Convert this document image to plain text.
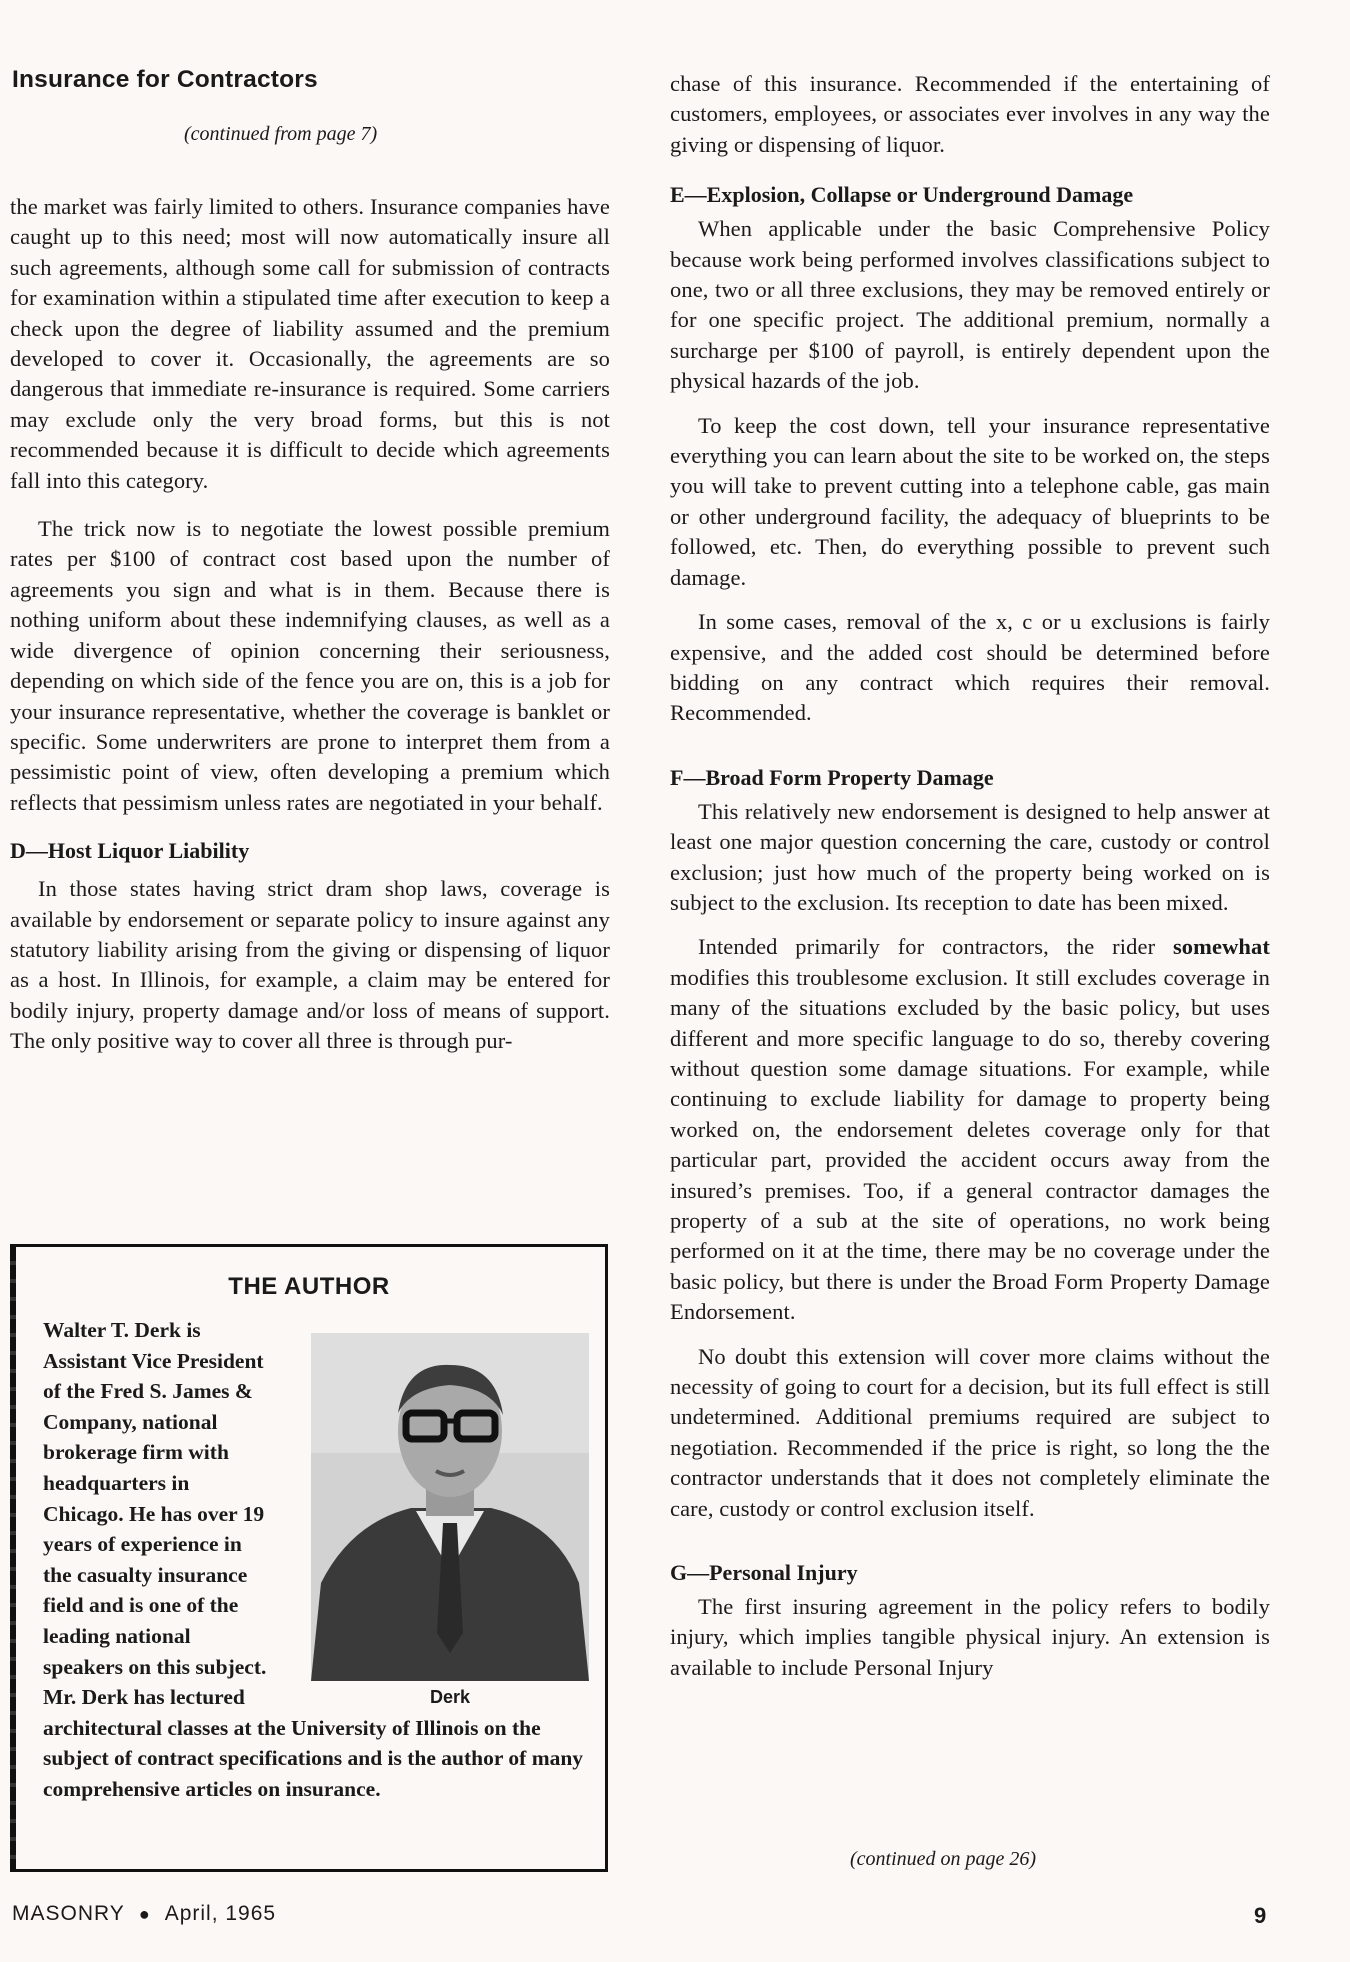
Insurance for Contractors
(continued from page 7)

the market was fairly limited to others. Insurance companies have caught up to this need; most will now automatically insure all such agreements, although some call for submission of contracts for examination within a stipulated time after execution to keep a check upon the degree of liability assumed and the premium developed to cover it. Occasionally, the agreements are so dangerous that immediate re-insurance is required. Some carriers may exclude only the very broad forms, but this is not recommended because it is difficult to decide which agreements fall into this category.

The trick now is to negotiate the lowest possible premium rates per $100 of contract cost based upon the number of agreements you sign and what is in them. Because there is nothing uniform about these indemnifying clauses, as well as a wide divergence of opinion concerning their seriousness, depending on which side of the fence you are on, this is a job for your insurance representative, whether the coverage is banklet or specific. Some underwriters are prone to interpret them from a pessimistic point of view, often developing a premium which reflects that pessimism unless rates are negotiated in your behalf.

D—Host Liquor Liability

In those states having strict dram shop laws, coverage is available by endorsement or separate policy to insure against any statutory liability arising from the giving or dispensing of liquor as a host. In Illinois, for example, a claim may be entered for bodily injury, property damage and/or loss of means of support. The only positive way to cover all three is through pur-

THE AUTHOR
Walter T. Derk is Assistant Vice President of the Fred S. James & Company, national brokerage firm with headquarters in Chicago. He has over 19 years of experience in the casualty insurance field and is one of the leading national speakers on this subject. Mr. Derk has lectured architectural classes at the University of Illinois on the subject of contract specifications and is the author of many comprehensive articles on insurance.
Derk

chase of this insurance. Recommended if the entertaining of customers, employees, or associates ever involves in any way the giving or dispensing of liquor.

E—Explosion, Collapse or Underground Damage

When applicable under the basic Comprehensive Policy because work being performed involves classifications subject to one, two or all three exclusions, they may be removed entirely or for one specific project. The additional premium, normally a surcharge per $100 of payroll, is entirely dependent upon the physical hazards of the job.

To keep the cost down, tell your insurance representative everything you can learn about the site to be worked on, the steps you will take to prevent cutting into a telephone cable, gas main or other underground facility, the adequacy of blueprints to be followed, etc. Then, do everything possible to prevent such damage.

In some cases, removal of the x, c or u exclusions is fairly expensive, and the added cost should be determined before bidding on any contract which requires their removal. Recommended.

F—Broad Form Property Damage

This relatively new endorsement is designed to help answer at least one major question concerning the care, custody or control exclusion; just how much of the property being worked on is subject to the exclusion. Its reception to date has been mixed.

Intended primarily for contractors, the rider somewhat modifies this troublesome exclusion. It still excludes coverage in many of the situations excluded by the basic policy, but uses different and more specific language to do so, thereby covering without question some damage situations. For example, while continuing to exclude liability for damage to property being worked on, the endorsement deletes coverage only for that particular part, provided the accident occurs away from the insured’s premises. Too, if a general contractor damages the property of a sub at the site of operations, no work being performed on it at the time, there may be no coverage under the basic policy, but there is under the Broad Form Property Damage Endorsement.

No doubt this extension will cover more claims without the necessity of going to court for a decision, but its full effect is still undetermined. Additional premiums required are subject to negotiation. Recommended if the price is right, so long the the contractor understands that it does not completely eliminate the care, custody or control exclusion itself.

G—Personal Injury

The first insuring agreement in the policy refers to bodily injury, which implies tangible physical injury. An extension is available to include Personal Injury

(continued on page 26)
MASONRY ● April, 1965	9
